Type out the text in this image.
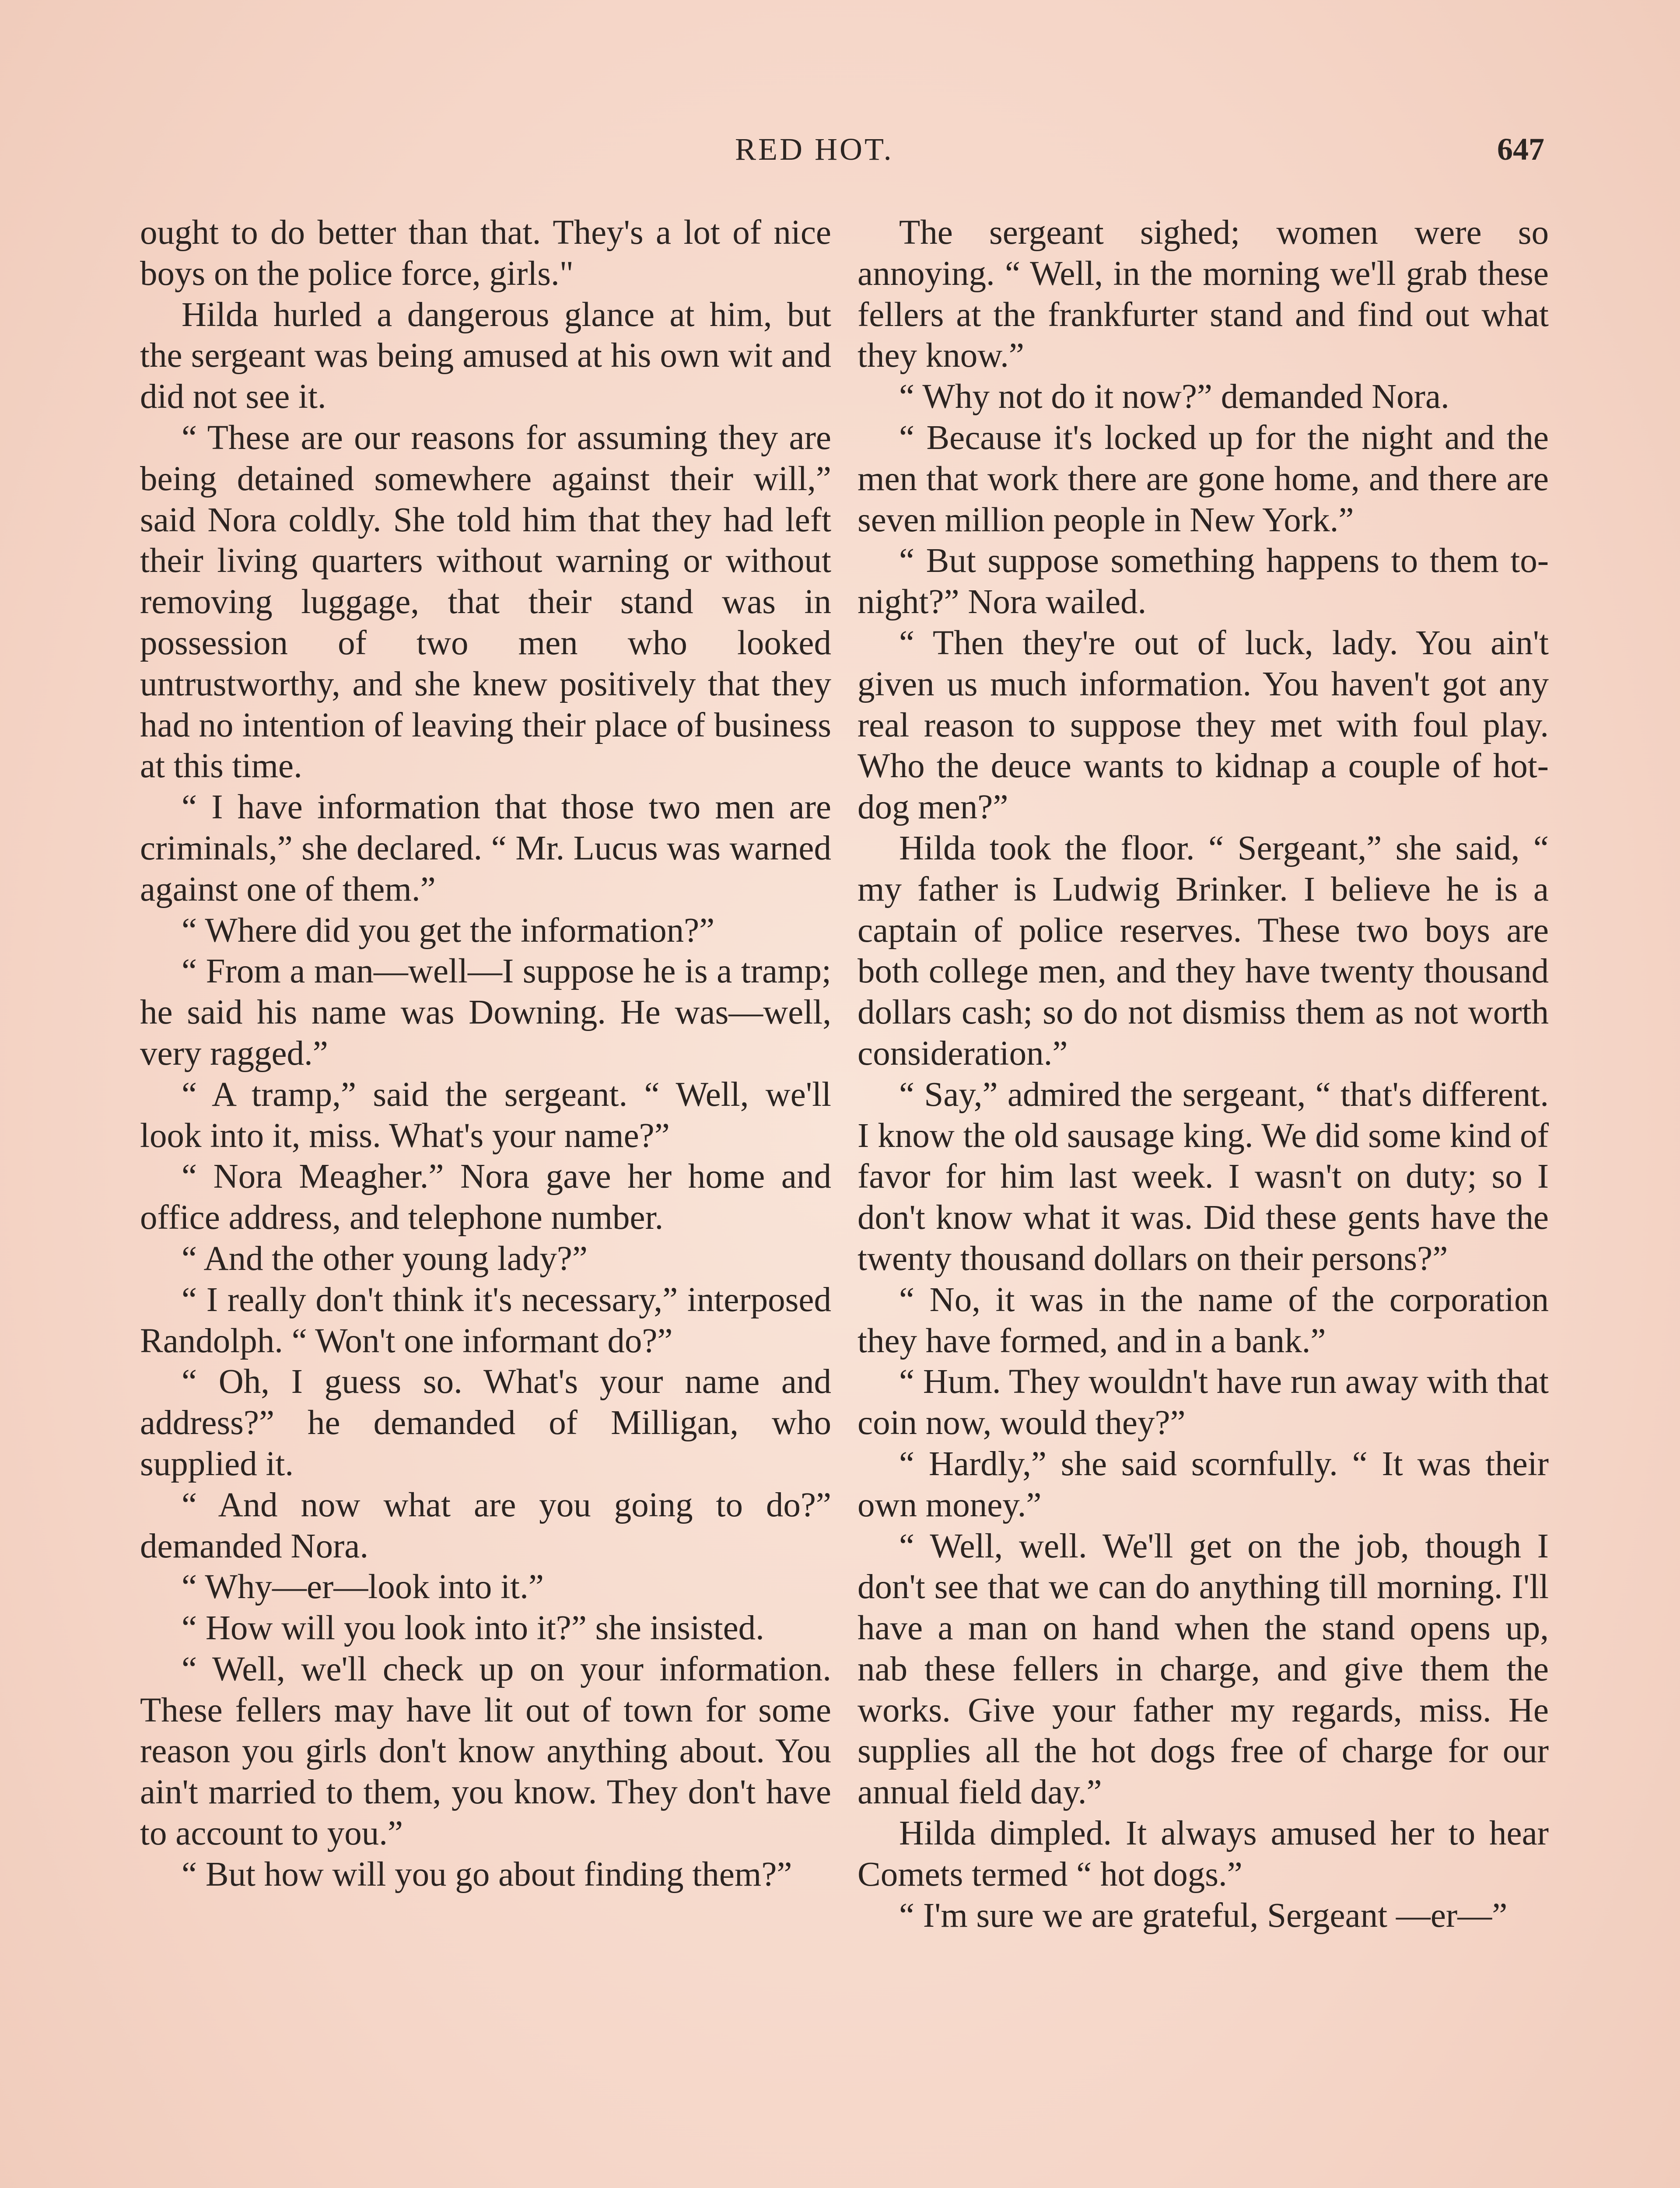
RED HOT.	647

ought to do better than that. They's a lot of nice boys on the police force, girls."

Hilda hurled a dangerous glance at him, but the sergeant was being amused at his own wit and did not see it.

“ These are our reasons for assuming they are being detained somewhere against their will,” said Nora coldly. She told him that they had left their living quarters without warning or without removing luggage, that their stand was in possession of two men who looked untrustworthy, and she knew positively that they had no intention of leaving their place of business at this time.

“ I have information that those two men are criminals,” she declared. “ Mr. Lucus was warned against one of them.”

“ Where did you get the information?”

“ From a man—well—I suppose he is a tramp; he said his name was Downing. He was—well, very ragged.”

“ A tramp,” said the sergeant. “ Well, we'll look into it, miss. What's your name?”

“ Nora Meagher.” Nora gave her home and office address, and telephone number.

“ And the other young lady?”

“ I really don't think it's necessary,” interposed Randolph. “ Won't one informant do?”

“ Oh, I guess so. What's your name and address?” he demanded of Milligan, who supplied it.

“ And now what are you going to do?” demanded Nora.

“ Why—er—look into it.”

“ How will you look into it?” she insisted.

“ Well, we'll check up on your information. These fellers may have lit out of town for some reason you girls don't know anything about. You ain't married to them, you know. They don't have to account to you.”

“ But how will you go about finding them?”

The sergeant sighed; women were so annoying. “ Well, in the morning we'll grab these fellers at the frankfurter stand and find out what they know.”

“ Why not do it now?” demanded Nora.

“ Because it's locked up for the night and the men that work there are gone home, and there are seven million people in New York.”

“ But suppose something happens to them to-night?” Nora wailed.

“ Then they're out of luck, lady. You ain't given us much information. You haven't got any real reason to suppose they met with foul play. Who the deuce wants to kidnap a couple of hot-dog men?”

Hilda took the floor. “ Sergeant,” she said, “ my father is Ludwig Brinker. I believe he is a captain of police reserves. These two boys are both college men, and they have twenty thousand dollars cash; so do not dismiss them as not worth consideration.”

“ Say,” admired the sergeant, “ that's different. I know the old sausage king. We did some kind of favor for him last week. I wasn't on duty; so I don't know what it was. Did these gents have the twenty thousand dollars on their persons?”

“ No, it was in the name of the corporation they have formed, and in a bank.”

“ Hum. They wouldn't have run away with that coin now, would they?”

“ Hardly,” she said scornfully. “ It was their own money.”

“ Well, well. We'll get on the job, though I don't see that we can do anything till morning. I'll have a man on hand when the stand opens up, nab these fellers in charge, and give them the works. Give your father my regards, miss. He supplies all the hot dogs free of charge for our annual field day.”

Hilda dimpled. It always amused her to hear Comets termed “ hot dogs.”

“ I'm sure we are grateful, Sergeant —er—”
